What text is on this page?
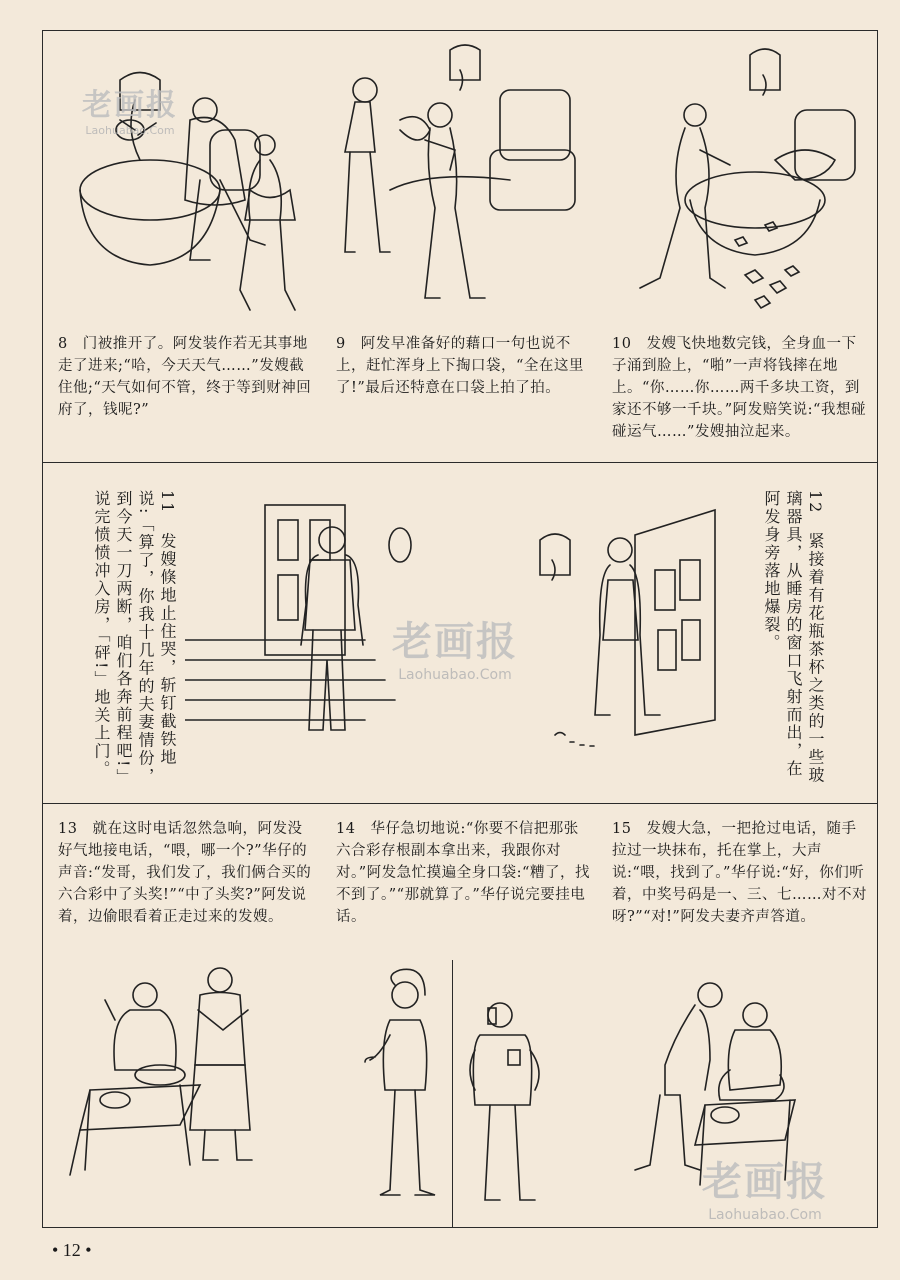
8　门被推开了。阿发装作若无其事地走了进来;“哈，今天天气……”发嫂截住他;“天气如何不管，终于等到财神回府了，钱呢?”

9　阿发早准备好的藉口一句也说不上，赶忙浑身上下掏口袋，“全在这里了!”最后还特意在口袋上拍了拍。

10　发嫂飞快地数完钱，全身血一下子涌到脸上，“啪”一声将钱摔在地上。“你……你……两千多块工资，到家还不够一千块。”阿发赔笑说:“我想碰碰运气……”发嫂抽泣起来。

11　发嫂倏地止住哭，斩钉截铁地说:「算了，你我十几年的夫妻情份，到今天一刀两断，咱们各奔前程吧!」说完愤愤冲入房，「砰!」地关上门。	12　紧接着有花瓶茶杯之类的一些玻璃器具，从睡房的窗口飞射而出，在阿发身旁落地爆裂。

13　就在这时电话忽然急响，阿发没好气地接电话，“喂，哪一个?”华仔的声音:“发哥，我们发了，我们俩合买的六合彩中了头奖!”“中了头奖?”阿发说着，边偷眼看着正走过来的发嫂。

14　华仔急切地说:“你要不信把那张六合彩存根副本拿出来，我跟你对对。”阿发急忙摸遍全身口袋:“糟了，找不到了。”“那就算了。”华仔说完要挂电话。

15　发嫂大急，一把抢过电话，随手拉过一块抹布，托在掌上，大声说:“喂，找到了。”华仔说:“好，你们听着，中奖号码是一、三、七……对不对呀?”“对!”阿发夫妻齐声答道。

老画报
Laohuabao.Com
老画报
Laohuabao.Com
老画报
Laohuabao.Com
• 12 •
